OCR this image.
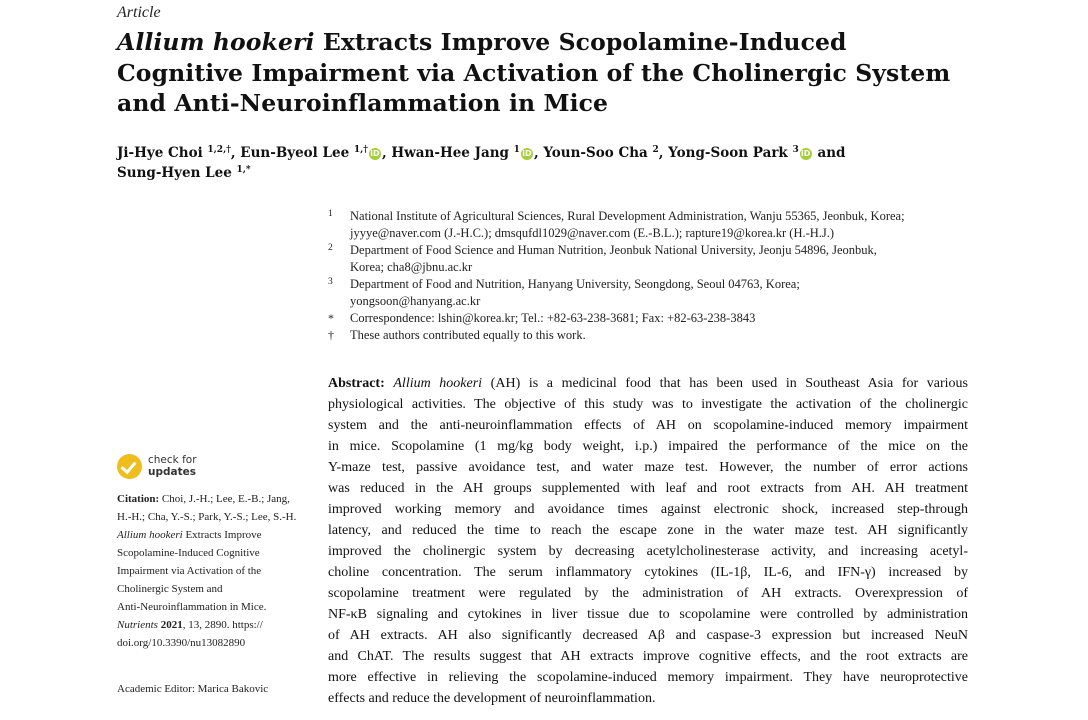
Article
Allium hookeri Extracts Improve Scopolamine-Induced
Cognitive Impairment via Activation of the Cholinergic System
and Anti-Neuroinflammation in Mice
Ji-Hye Choi $^{1,2,\dagger}$, Eun-Byeol Lee $^{1,\dagger}$ iD , Hwan-Hee Jang $^1$ iD , Youn-Soo Cha $^2$, Yong-Soon Park $^3$ iD and
Sung-Hyen Lee $^{1,*}$
1 National Institute of Agricultural Sciences, Rural Development Administration, Wanju 55365, Jeonbuk, Korea;
jyyye@naver.com (J.-H.C.); dmsqufdl1029@naver.com (E.-B.L.); rapture19@korea.kr (H.-H.J.)
2 Department of Food Science and Human Nutrition, Jeonbuk National University, Jeonju 54896, Jeonbuk,
Korea; cha8@jbnu.ac.kr
3 Department of Food and Nutrition, Hanyang University, Seongdong, Seoul 04763, Korea;
yongsoon@hanyang.ac.kr
* Correspondence: lshin@korea.kr; Tel.: +82-63-238-3681; Fax: +82-63-238-3843
† These authors contributed equally to this work.
check for
updates
Citation: Choi, J.-H.; Lee, E.-B.; Jang,
H.-H.; Cha, Y.-S.; Park, Y.-S.; Lee, S.-H.
Allium hookeri Extracts Improve
Scopolamine-Induced Cognitive
Impairment via Activation of the
Cholinergic System and
Anti-Neuroinflammation in Mice.
Nutrients 2021, 13, 2890. https://
doi.org/10.3390/nu13082890
Academic Editor: Marica Bakovic
Abstract: Allium hookeri (AH) is a medicinal food that has been used in Southeast Asia for various
physiological activities. The objective of this study was to investigate the activation of the cholinergic
system and the anti-neuroinflammation effects of AH on scopolamine-induced memory impairment
in mice. Scopolamine (1 mg/kg body weight, i.p.) impaired the performance of the mice on the
Y-maze test, passive avoidance test, and water maze test. However, the number of error actions
was reduced in the AH groups supplemented with leaf and root extracts from AH. AH treatment
improved working memory and avoidance times against electronic shock, increased step-through
latency, and reduced the time to reach the escape zone in the water maze test. AH significantly
improved the cholinergic system by decreasing acetylcholinesterase activity, and increasing acetyl-
choline concentration. The serum inflammatory cytokines (IL-1β, IL-6, and IFN-γ) increased by
scopolamine treatment were regulated by the administration of AH extracts. Overexpression of
NF-κB signaling and cytokines in liver tissue due to scopolamine were controlled by administration
of AH extracts. AH also significantly decreased Aβ and caspase-3 expression but increased NeuN
and ChAT. The results suggest that AH extracts improve cognitive effects, and the root extracts are
more effective in relieving the scopolamine-induced memory impairment. They have neuroprotective
effects and reduce the development of neuroinflammation.
